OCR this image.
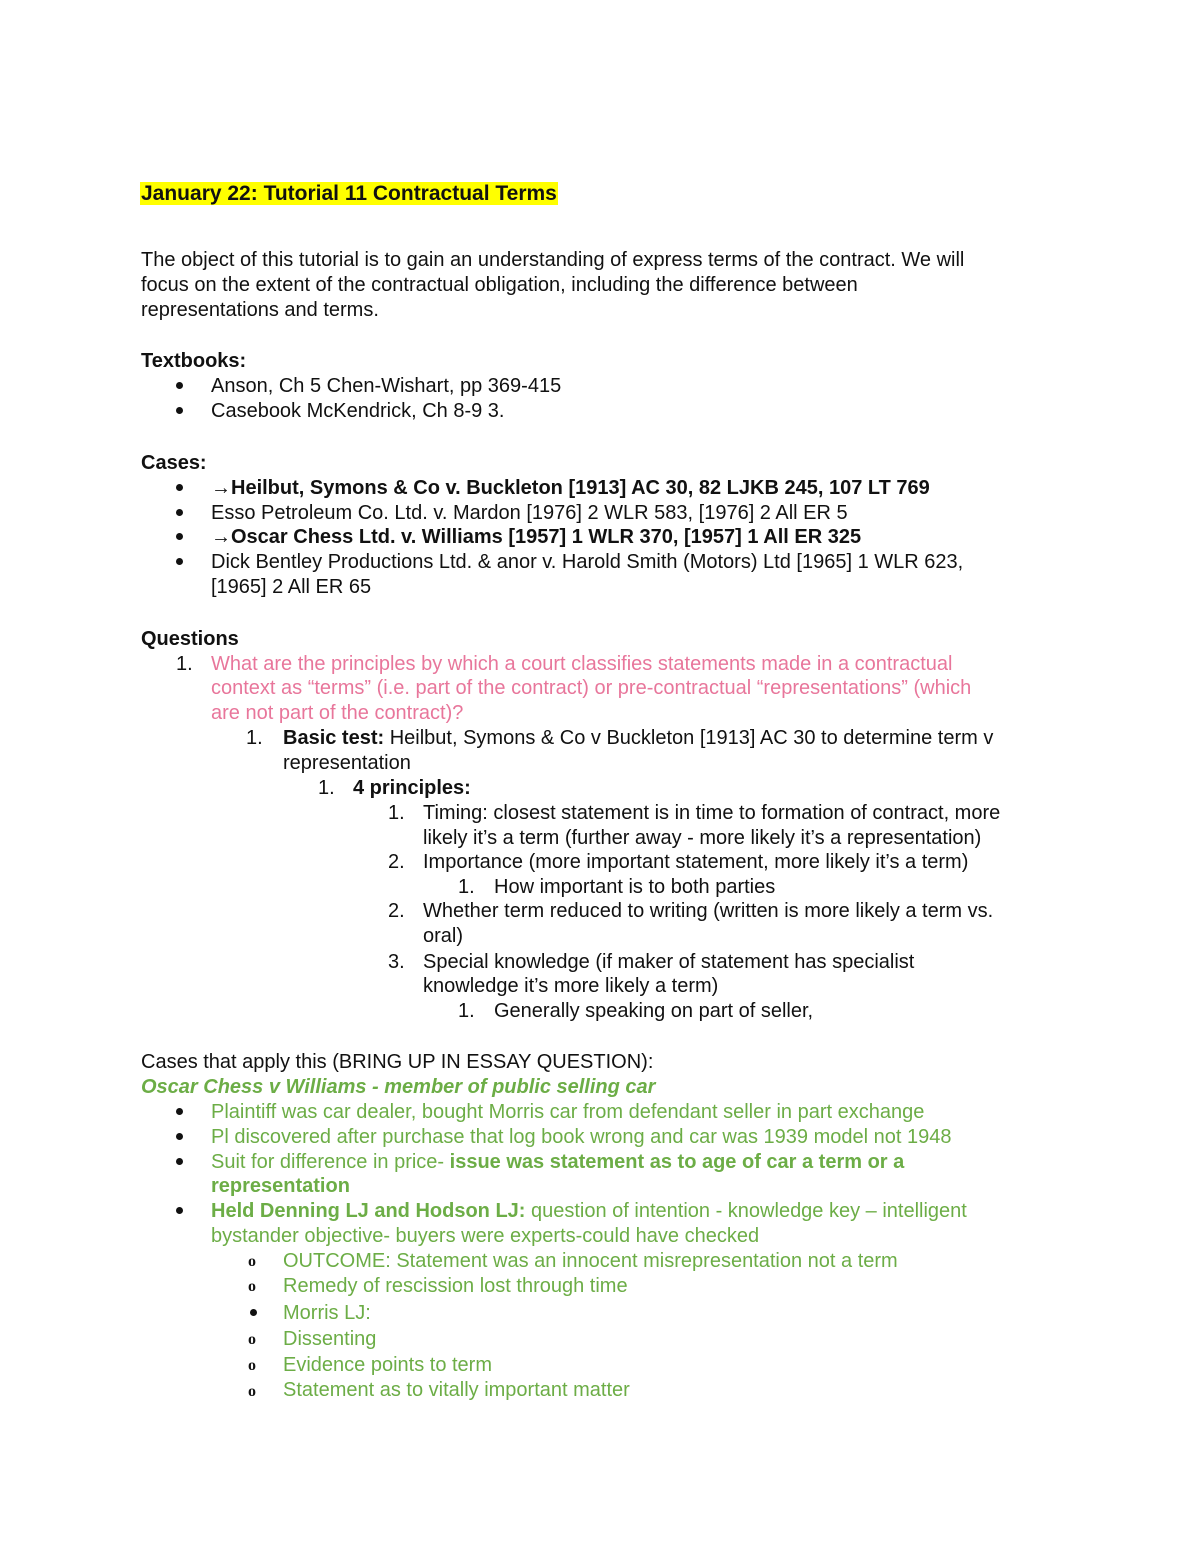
January 22: Tutorial 11 Contractual Terms
The object of this tutorial is to gain an understanding of express terms of the contract. We will
focus on the extent of the contractual obligation, including the difference between
representations and terms.
Textbooks:
Anson, Ch 5 Chen-Wishart, pp 369-415
Casebook McKendrick, Ch 8-9 3.
Cases:
→Heilbut, Symons & Co v. Buckleton [1913] AC 30, 82 LJKB 245, 107 LT 769
Esso Petroleum Co. Ltd. v. Mardon [1976] 2 WLR 583, [1976] 2 All ER 5
→Oscar Chess Ltd. v. Williams [1957] 1 WLR 370, [1957] 1 All ER 325
Dick Bentley Productions Ltd. & anor v. Harold Smith (Motors) Ltd [1965] 1 WLR 623,
[1965] 2 All ER 65
Questions
1. What are the principles by which a court classifies statements made in a contractual
context as “terms” (i.e. part of the contract) or pre-contractual “representations” (which
are not part of the contract)?
1. Basic test: Heilbut, Symons & Co v Buckleton [1913] AC 30 to determine term v
representation
1. 4 principles:
1. Timing: closest statement is in time to formation of contract, more
likely it’s a term (further away - more likely it’s a representation)
2. Importance (more important statement, more likely it’s a term)
1. How important is to both parties
2. Whether term reduced to writing (written is more likely a term vs.
oral)
3. Special knowledge (if maker of statement has specialist
knowledge it’s more likely a term)
1. Generally speaking on part of seller,
Cases that apply this (BRING UP IN ESSAY QUESTION):
Oscar Chess v Williams - member of public selling car
Plaintiff was car dealer, bought Morris car from defendant seller in part exchange
Pl discovered after purchase that log book wrong and car was 1939 model not 1948
Suit for difference in price- issue was statement as to age of car a term or a
representation
Held Denning LJ and Hodson LJ: question of intention - knowledge key – intelligent
bystander objective- buyers were experts-could have checked
o OUTCOME: Statement was an innocent misrepresentation not a term
o Remedy of rescission lost through time
Morris LJ:
o Dissenting
o Evidence points to term
o Statement as to vitally important matter
